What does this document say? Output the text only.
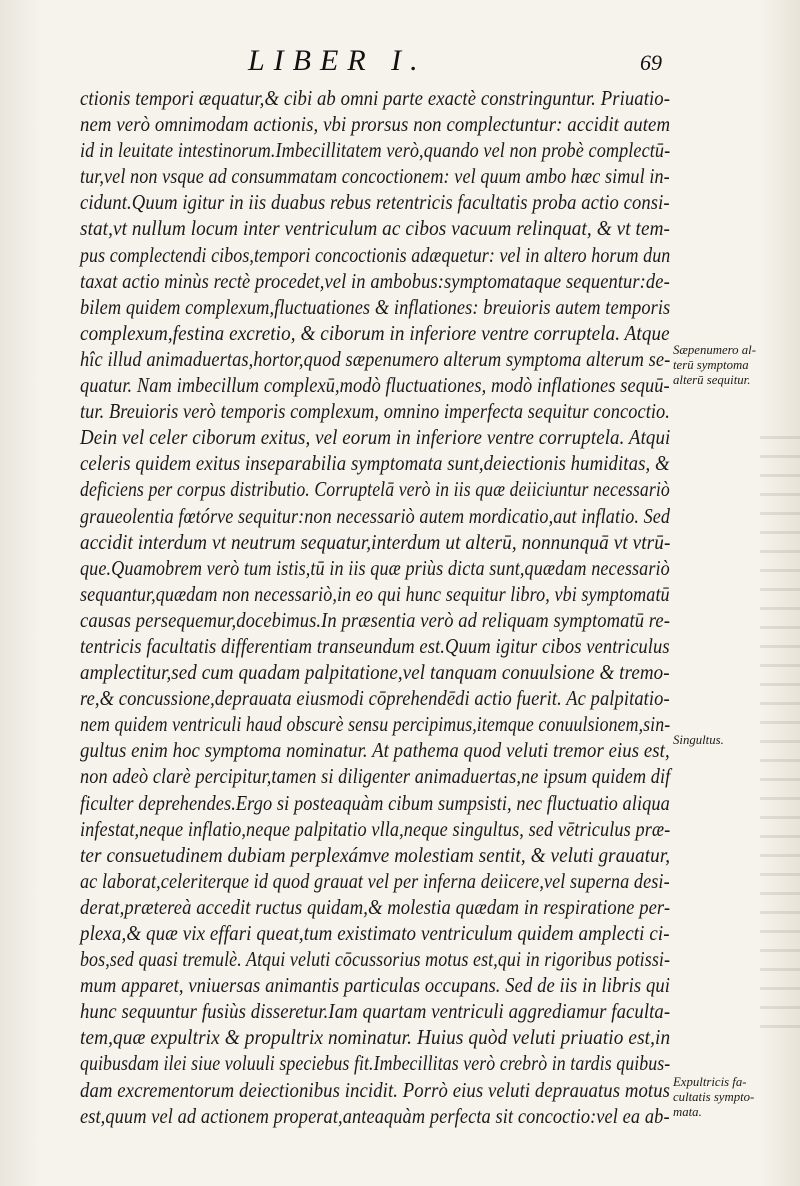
LIBER I.	69
ctionis tempori æquatur,& cibi ab omni parte exactè constringuntur. Priuatio-
nem verò omnimodam actionis, vbi prorsus non complectuntur: accidit autem
id in leuitate intestinorum.Imbecillitatem verò,quando vel non probè complectū-
tur,vel non vsque ad consummatam concoctionem: vel quum ambo hæc simul in-
cidunt.Quum igitur in iis duabus rebus retentricis facultatis proba actio consi-
stat,vt nullum locum inter ventriculum ac cibos vacuum relinquat, & vt tem-
pus complectendi cibos,tempori concoctionis adæquetur: vel in altero horum dun
taxat actio minùs rectè procedet,vel in ambobus:symptomataque sequentur:de-
bilem quidem complexum,fluctuationes & inflationes: breuioris autem temporis
complexum,festina excretio, & ciborum in inferiore ventre corruptela. Atque
hîc illud animaduertas,hortor,quod sæpenumero alterum symptoma alterum se-
quatur. Nam imbecillum complexū,modò fluctuationes, modò inflationes sequū-
tur. Breuioris verò temporis complexum, omnino imperfecta sequitur concoctio.
Dein vel celer ciborum exitus, vel eorum in inferiore ventre corruptela. Atqui
celeris quidem exitus inseparabilia symptomata sunt,deiectionis humiditas, &
deficiens per corpus distributio. Corruptelā verò in iis quæ deiiciuntur necessariò
graueolentia fœtórve sequitur:non necessariò autem mordicatio,aut inflatio. Sed
accidit interdum vt neutrum sequatur,interdum ut alterū, nonnunquā vt vtrū-
que.Quamobrem verò tum istis,tū in iis quæ priùs dicta sunt,quædam necessariò
sequantur,quædam non necessariò,in eo qui hunc sequitur libro, vbi symptomatū
causas persequemur,docebimus.In præsentia verò ad reliquam symptomatū re-
tentricis facultatis differentiam transeundum est.Quum igitur cibos ventriculus
amplectitur,sed cum quadam palpitatione,vel tanquam conuulsione & tremo-
re,& concussione,deprauata eiusmodi cōprehendēdi actio fuerit. Ac palpitatio-
nem quidem ventriculi haud obscurè sensu percipimus,itemque conuulsionem,sin-
gultus enim hoc symptoma nominatur. At pathema quod veluti tremor eius est,
non adeò clarè percipitur,tamen si diligenter animaduertas,ne ipsum quidem dif
ficulter deprehendes.Ergo si posteaquàm cibum sumpsisti, nec fluctuatio aliqua
infestat,neque inflatio,neque palpitatio vlla,neque singultus, sed vētriculus præ-
ter consuetudinem dubiam perplexámve molestiam sentit, & veluti grauatur,
ac laborat,celeriterque id quod grauat vel per inferna deiicere,vel superna desi-
derat,prætereà accedit ructus quidam,& molestia quædam in respiratione per-
plexa,& quæ vix effari queat,tum existimato ventriculum quidem amplecti ci-
bos,sed quasi tremulè. Atqui veluti cōcussorius motus est,qui in rigoribus potissi-
mum apparet, vniuersas animantis particulas occupans. Sed de iis in libris qui
hunc sequuntur fusiùs disseretur.Iam quartam ventriculi aggrediamur faculta-
tem,quæ expultrix & propultrix nominatur. Huius quòd veluti priuatio est,in
quibusdam ilei siue voluuli speciebus fit.Imbecillitas verò crebrò in tardis quibus-
dam excrementorum deiectionibus incidit. Porrò eius veluti deprauatus motus
est,quum vel ad actionem properat,anteaquàm perfecta sit concoctio:vel ea ab-
Sæpenumero al-
terū symptoma
alterū sequitur.
Singultus.
Expultricis fa-
cultatis sympto-
mata.
